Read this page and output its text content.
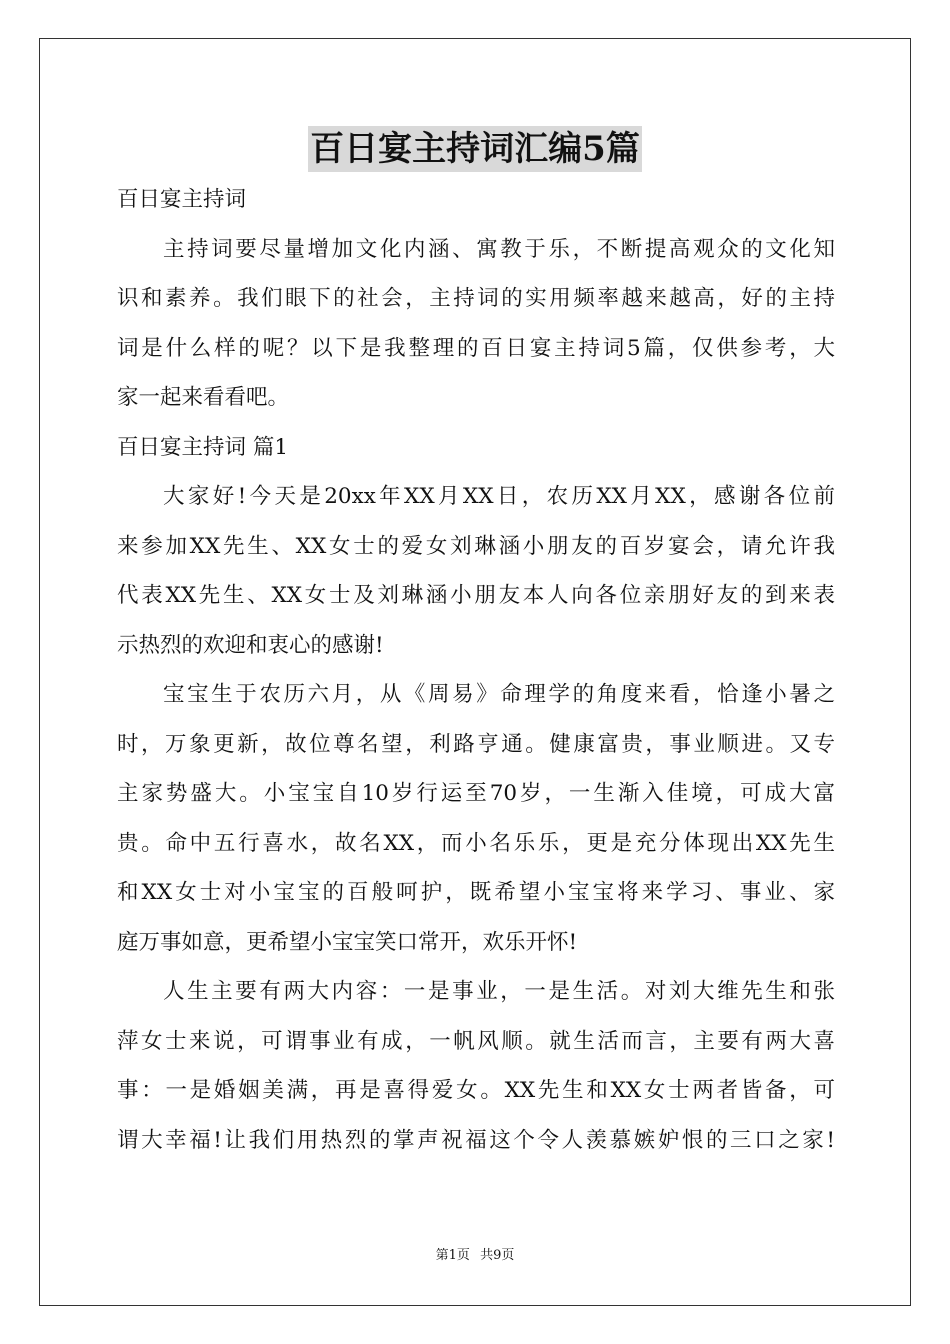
百日宴主持词汇编5篇

百日宴主持词

主持词要尽量增加文化内涵、寓教于乐，不断提高观众的文化知

识和素养。我们眼下的社会，主持词的实用频率越来越高，好的主持

词是什么样的呢？以下是我整理的百日宴主持词5篇，仅供参考，大

家一起来看看吧。

百日宴主持词 篇1

大家好!今天是20xx年XX月XX日，农历XX月XX，感谢各位前

来参加XX先生、XX女士的爱女刘琳涵小朋友的百岁宴会，请允许我

代表XX先生、XX女士及刘琳涵小朋友本人向各位亲朋好友的到来表

示热烈的欢迎和衷心的感谢!

宝宝生于农历六月，从《周易》命理学的角度来看，恰逢小暑之

时，万象更新，故位尊名望，利路亨通。健康富贵，事业顺进。又专

主家势盛大。小宝宝自10岁行运至70岁，一生渐入佳境，可成大富

贵。命中五行喜水，故名XX，而小名乐乐，更是充分体现出XX先生

和XX女士对小宝宝的百般呵护，既希望小宝宝将来学习、事业、家

庭万事如意，更希望小宝宝笑口常开，欢乐开怀!

人生主要有两大内容：一是事业，一是生活。对刘大维先生和张

萍女士来说，可谓事业有成，一帆风顺。就生活而言，主要有两大喜

事：一是婚姻美满，再是喜得爱女。XX先生和XX女士两者皆备，可

谓大幸福!让我们用热烈的掌声祝福这个令人羡慕嫉妒恨的三口之家!

第1页 共9页
